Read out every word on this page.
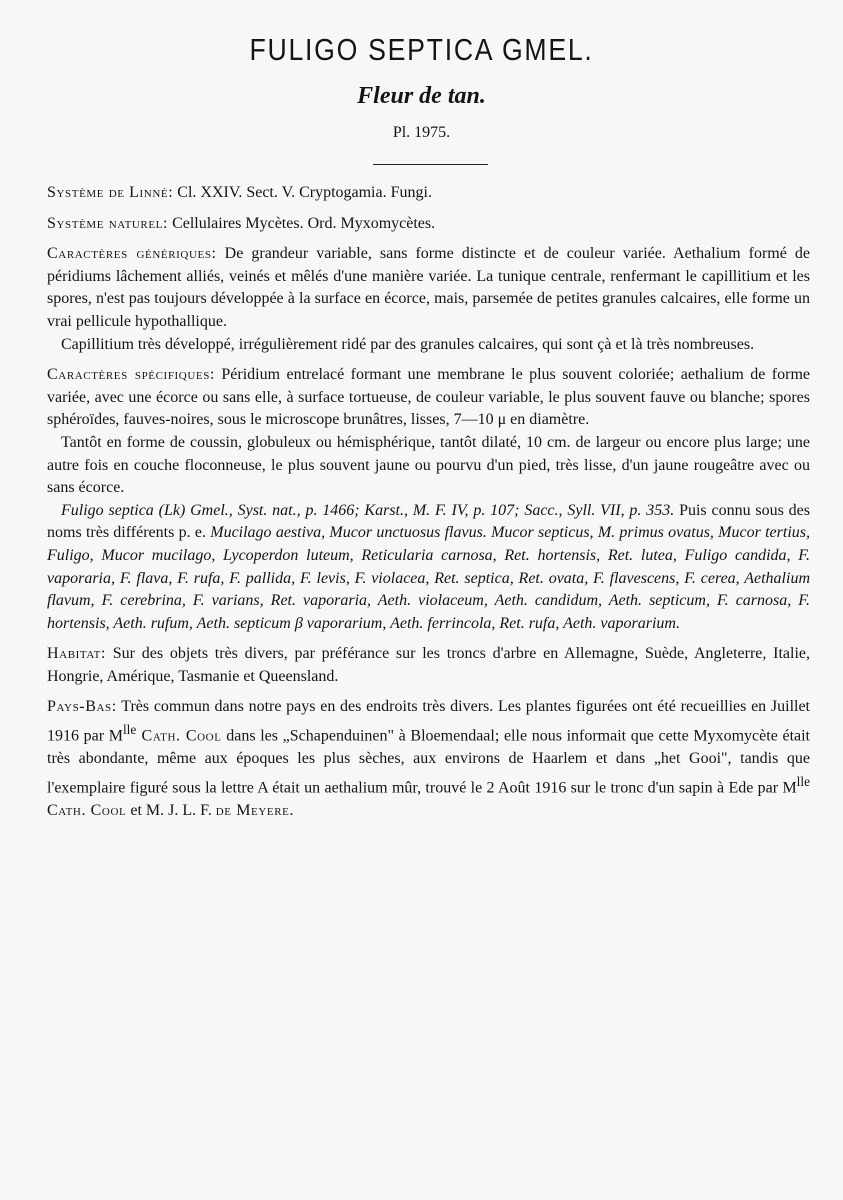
FULIGO SEPTICA GMEL.
Fleur de tan.
Pl. 1975.

Système de Linné: Cl. XXIV. Sect. V. Cryptogamia. Fungi.

Système naturel: Cellulaires Mycètes. Ord. Myxomycètes.

Caractères génériques: De grandeur variable, sans forme distincte et de couleur variée. Aethalium formé de péridiums lâchement alliés, veinés et mêlés d'une manière variée. La tunique centrale, renfermant le capillitium et les spores, n'est pas toujours développée à la surface en écorce, mais, parsemée de petites granules calcaires, elle forme un vrai pellicule hypothallique.

Capillitium très développé, irrégulièrement ridé par des granules calcaires, qui sont çà et là très nombreuses.

Caractères spécifiques: Péridium entrelacé formant une membrane le plus souvent coloriée; aethalium de forme variée, avec une écorce ou sans elle, à surface tortueuse, de couleur variable, le plus souvent fauve ou blanche; spores sphéroïdes, fauves-noires, sous le microscope brunâtres, lisses, 7—10 μ en diamètre.

Tantôt en forme de coussin, globuleux ou hémisphérique, tantôt dilaté, 10 cm. de largeur ou encore plus large; une autre fois en couche floconneuse, le plus souvent jaune ou pourvu d'un pied, très lisse, d'un jaune rougeâtre avec ou sans écorce.

Fuligo septica (Lk) Gmel., Syst. nat., p. 1466; Karst., M. F. IV, p. 107; Sacc., Syll. VII, p. 353. Puis connu sous des noms très différents p. e. Mucilago aestiva, Mucor unctuosus flavus. Mucor septicus, M. primus ovatus, Mucor tertius, Fuligo, Mucor mucilago, Lycoperdon luteum, Reticularia carnosa, Ret. hortensis, Ret. lutea, Fuligo candida, F. vaporaria, F. flava, F. rufa, F. pallida, F. levis, F. violacea, Ret. septica, Ret. ovata, F. flavescens, F. cerea, Aethalium flavum, F. cerebrina, F. varians, Ret. vaporaria, Aeth. violaceum, Aeth. candidum, Aeth. septicum, F. carnosa, F. hortensis, Aeth. rufum, Aeth. septicum β vaporarium, Aeth. ferrincola, Ret. rufa, Aeth. vaporarium.

Habitat: Sur des objets très divers, par préférance sur les troncs d'arbre en Allemagne, Suède, Angleterre, Italie, Hongrie, Amérique, Tasmanie et Queensland.

Pays-Bas: Très commun dans notre pays en des endroits très divers. Les plantes figurées ont été recueillies en Juillet 1916 par $M^{lle}$ Cath. Cool dans les „Schapenduinen" à Bloemendaal; elle nous informait que cette Myxomycète était très abondante, même aux époques les plus sèches, aux environs de Haarlem et dans „het Gooi", tandis que l'exemplaire figuré sous la lettre A était un aethalium mûr, trouvé le 2 Août 1916 sur le tronc d'un sapin à Ede par $M^{lle}$ Cath. Cool et M. J. L. F. de Meyere.
